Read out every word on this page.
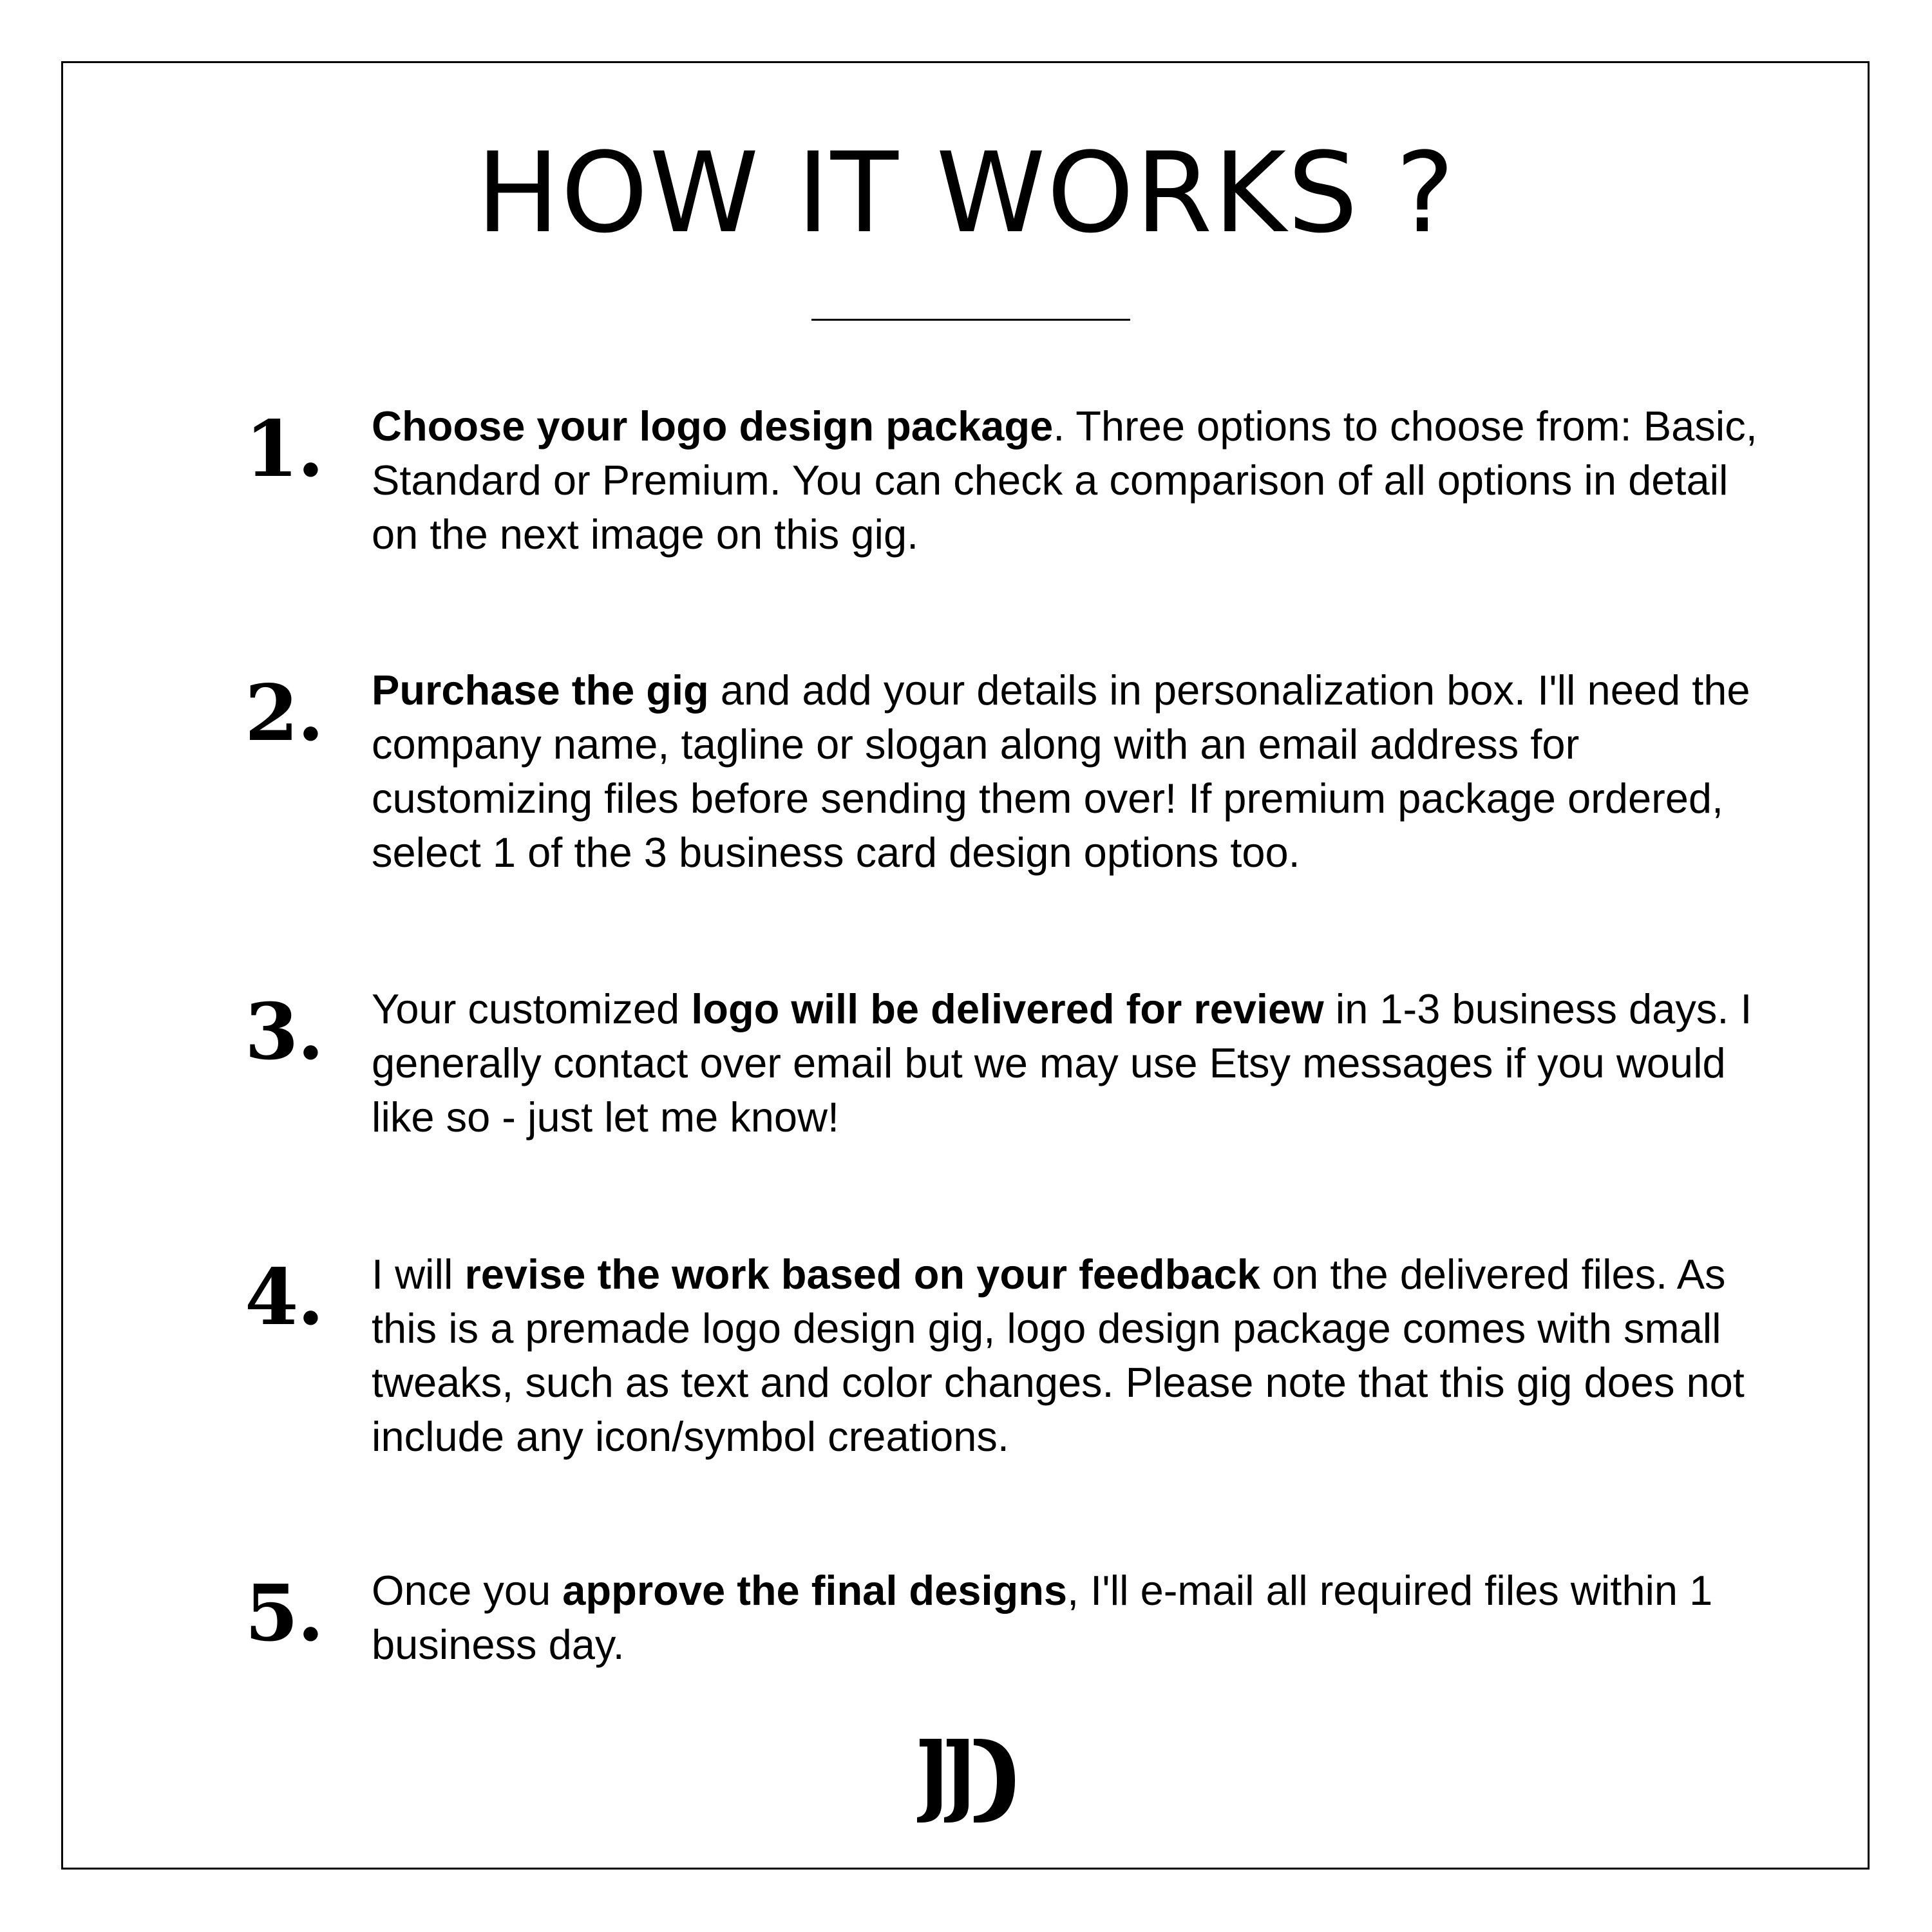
HOW IT WORKS ?
1. Choose your logo design package. Three options to choose from: Basic, Standard or Premium. You can check a comparison of all options in detail on the next image on this gig.

2. Purchase the gig and add your details in personalization box. I'll need the company name, tagline or slogan along with an email address for customizing files before sending them over! If premium package ordered, select 1 of the 3 business card design options too.

3. Your customized logo will be delivered for review in 1-3 business days. I generally contact over email but we may use Etsy messages if you would like so - just let me know!

4. I will revise the work based on your feedback on the delivered files. As this is a premade logo design gig, logo design package comes with small tweaks, such as text and color changes. Please note that this gig does not include any icon/symbol creations.

5. Once you approve the final designs, I'll e-mail all required files within 1 business day.
